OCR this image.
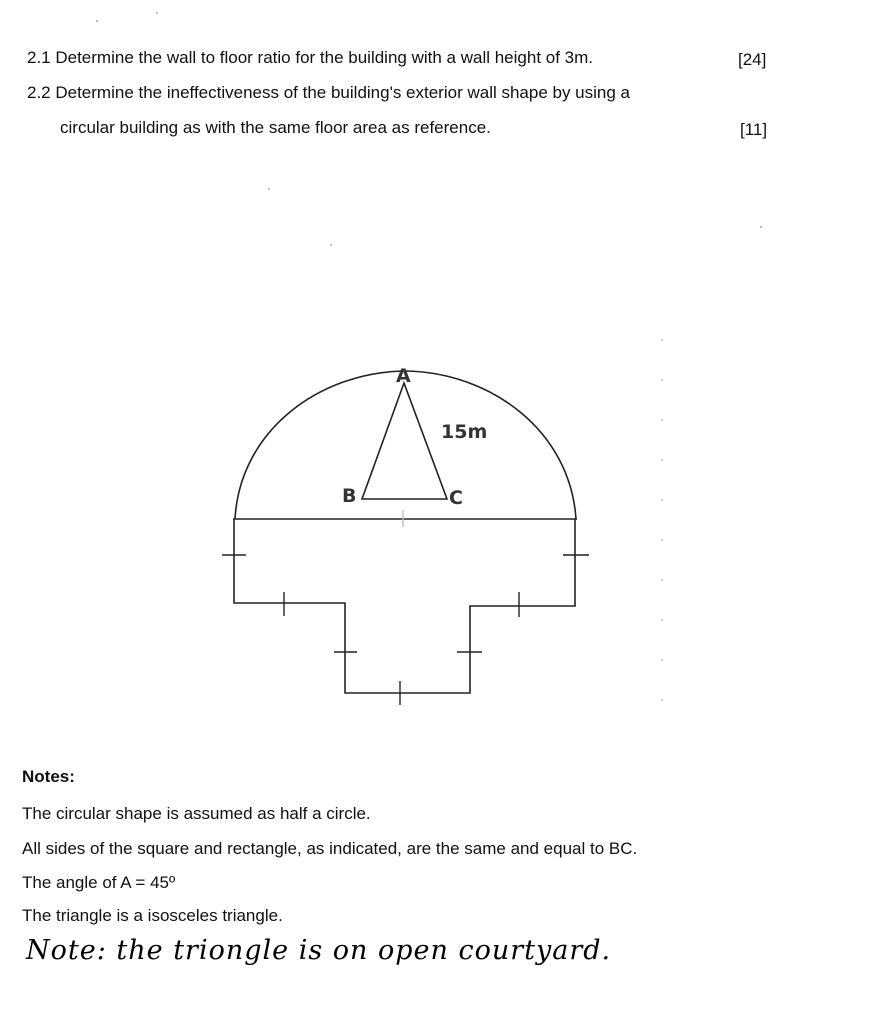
2.1 Determine the wall to floor ratio for the building with a wall height of 3m.	[24]
2.2 Determine the ineffectiveness of the building's exterior wall shape by using a
circular building as with the same floor area as reference.	[11]
A
B	C
15m
Notes:
The circular shape is assumed as half a circle.
All sides of the square and rectangle, as indicated, are the same and equal to BC.
The angle of A = 45º
The triangle is a isosceles triangle.
Note: the triongle is on open courtyard.
